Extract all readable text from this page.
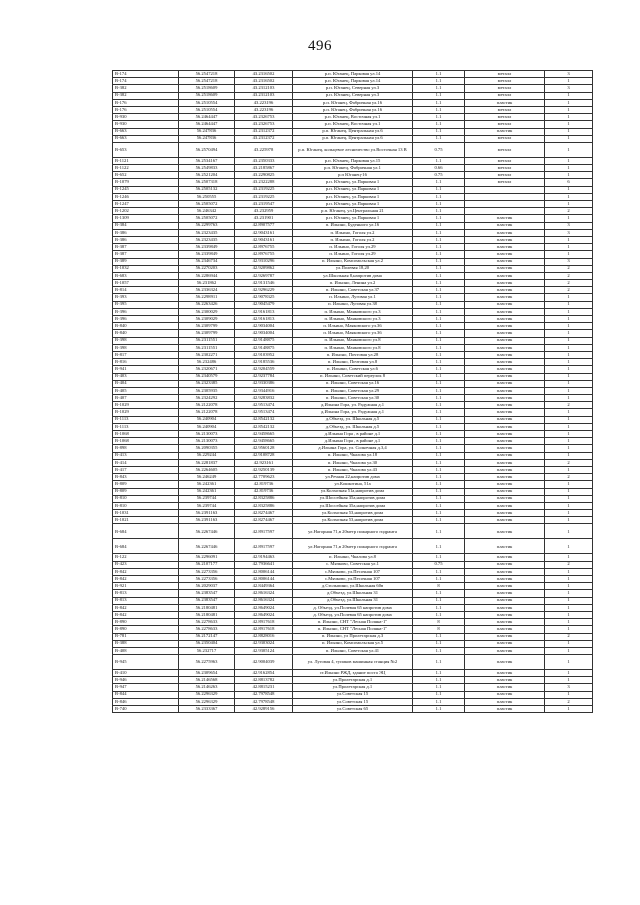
496
В-174	56.2547218	43.2316502	р.п. Юганец, Парковая ул.14	1.1	металл	3
В-174	56.2547218	43.2316502	р.п. Юганец, Парковая ул.14	1.1	металл	1
В-382	56.2518609	43.2312103	р.п. Юганец, Северная ул.3	1.1	металл	3
В-382	56.2518609	43.2312103	р.п. Юганец, Северная ул.3	1.1	металл	1
В-176	56.2510554	43.223196	р.п. Юганец, Фабричная ул.16	1.1	пластик	1
В-176	56.2510554	43.223196	р.п. Юганец, Фабричная ул.16	1.1	металл	1
В-930	56.2464447	43.2326753	р.п. Юганец, Восточная ул.1	1.1	металл	1
В-930	56.2464447	43.2326753	р.п. Юганец, Восточная ул.1	1.1	металл	1
В-663	56.247836	43.2312372	р.п. Юганец, Центральная ул.6	1.1	пластик	1
В-663	56.247836	43.2312372	р.п. Юганец, Центральная ул.6	1.1	металл	1
В-653	56.2570494	43.225978	р.п. Юганец, кольцевое лесничество ул.Восточная 13 В	0.75	металл	1
В-1121	56.2534167	43.2350333	р.п. Юганец, Парковая ул.15	1.1	металл	1
В-1122	56.2549833	43.2185867	р.п. Юганец, Фабричная ул.1	0.66	металл	1
В-652	56.2521204	43.2290825	р.п Юганец-16	0.75	металл	1
В-1079	56.2507318	43.2322288	р.п. Юганец, ул.Парковая 1	1.1	металл	6
В-1245	56.2505132	43.2319225	р.п. Юганец, ул.Парковая 1	1.1		1
В-1246	56.250555	43.2319225	р.п. Юганец, ул.Парковая 1	1.1		1
В-1247	56.2505072	43.2319547	р.п. Юганец, ул.Парковая 1	1.1		1
В-1202	56.246342	43.232959	р.п. Юганец, ул.Центральная 21	1.1		2
В-1309	56.2505072	43.231901	р.п. Юганец, ул.Парковая 1	1.1	пластик	1
В-384	56.2299763	42.8907577	п. Ильино, Буденного ул.16	1.1	пластик	3
В-386	56.2323435	42.9043161	п. Ильино, Гоголя ул.2	1.1	пластик	3
В-386	56.2323435	42.9043161	п. Ильино, Гоголя ул.2	1.1	пластик	1
В-387	56.2339849	42.8976755	п. Ильино, Гоголя ул.29	1.1	пластик	1
В-387	56.2339849	42.8976755	п. Ильино, Гоголя ул.29	1.1	пластик	1
В-389	56.2346734	42.9310296	п. Ильино, Комсомольская ул.2	1.1	пластик	3
В-1032	56.2270203	42.9209862	ул.Полевая 18,20	1.1	пластик	2
В-683	56.2286944	42.9269787	ул.Школьная 8,напротив дома	1.1	пластик	2
В-1057	56.231862	42.9131546	п. Ильино, Ленина ул.2	1.1	пластик	2
В-814	56.2336324	42.9296229	п. Ильино, Советская ул.37	1.1	пластик	2
В-393	56.2298911	42.9078325	п. Ильино, Луговая ул.1	1.1	пластик	1
В-395	56.2263426	42.9045479	п. Ильино, Луговая ул.38	1.1	пластик	1
В-396	56.2300029	42.9161813	п. Ильино, Маяковского ул.3	1.1	пластик	1
В-396	56.2309029	42.9161813	п. Ильино, Маяковского ул.3	1.1	пластик	1
В-840	56.2309799	42.9034004	п. Ильино, Маяковского ул.36	1.1	пластик	1
В-840	56.2309799	42.9034004	п. Ильино, Маяковского ул.36	1.1	пластик	1
В-398	56.2311551	42.9148875	п. Ильино, Маяковского ул.8	1.1	пластик	1
В-398	56.2311551	42.9148875	п. Ильино, Маяковского ул.8	1.1	пластик	1
В-817	56.2302271	42.9103952	п. Ильино, Почтовая ул.28	1.1	пластик	1
В-816	56.232486	42.9185536	п. Ильино, Почтовая ул.8	1.1	пластик	1
В-941	56.2320671	42.9204559	п. Ильино, Советская ул.6	1.1	пластик	1
В-403	56.2340579	42.9237784	п. Ильино, Советский переулок 8	1.1	пластик	1
В-404	56.2323385	42.9330386	п. Ильино, Советская ул.16	1.1	пластик	1
В-405	56.2305935	42.9344916	п. Ильино, Советская ул.29	1.1	пластик	1
В-407	56.2324292	42.9283832	п. Ильино, Советская ул.30	1.1	пластик	1
В-1029	56.2122078	42.9513474	д.Ильина Гора, ул. Радужная д.1	1.1	пластик	2
В-1029	56.2122078	42.9513474	д.Ильина Гора, ул. Радужная д.1	1.1	пластик	1
В-1113	56.240904	42.8542132	д.Объезд, ул. Школьная д.5	1.1	пластик	1
В-1113	56.240904	42.8542132	д.Объезд, ул. Школьная д.5	1.1	пластик	1
В-1068	56.2130073	42.9458665	д.Ильина Гора , в районе д.1	1.1	пластик	1
В-1068	56.2130073	42.9458665	д.Ильина Гора , в районе д.1	1.1	пластик	1
В-898	56.2090355	42.9560128	д.Ильина Гора, ул. Солнечная д.3,4	1.1	пластик	1
В-413	56.229244	42.9108728	п. Ильино, Чкалова ул.18	1.1	пластик	1
В-414	56.2281837	42.923161	п. Ильино, Чкалова ул.30	1.1	пластик	2
В-417	56.2264605	42.9250139	п. Ильино, Чкалова ул.43	1.1	пластик	1
В-843	56.246249	42.7709623	ул.Речная 22,напротив дома	1.1	пластик	2
В-809	56.242361	42.819736	ул.Кошкотина, 51а	1.1	пластик	1
В-809	56.242361	42.819736	ул.Колхозная 51а,напротив дома	1.1	пластик	1
В-810	56.239744	42.8325886	ул.Шоссейная 35а,напротив дома	1.1	пластик	1
В-810	56.239744	42.8325886	ул.Шоссейная 35а,напротив дома	1.1	пластик	1
В-1031	56.2391163	42.8274467	ул.Колхозная 53,напротив дома	1.1	пластик	1
В-1021	56.2391163	42.8274467	ул.Колхозная 53,напротив дома	1.1	пластик	1
В-684	56.2267446	42.8917597	ул.Нагорная 71,в 20метр пожарного гидранта	1.1	пластик	1
В-684	56.2267446	42.8917597	ул.Нагорная 71,в 20метр пожарного гидранта	1.1	пластик	1
В-122	56.2296091	42.9194463	п. Ильино, Чкалова ул.8	1.1	пластик	1
В-423	56.2107177	42.7936641	с. Мячково, Советская ул.1	0.75	пластик	2
В-842	56.2273356	42.8006144	с.Мячково, ул.Песочная 107	1.1	пластик	1
В-842	56.2273356	42.8006144	с.Мячково, ул.Песочная 107	1.1	пластик	1
В-921	56.2029037	42.8449364	д.Столыпино, ул.Школьная 60в	8	пластик	1
В-813	56.2383547	42.8616324	д.Объезд, ул.Школьная 31	1.1	пластик	1
В-813	56.2383547	42.8616324	д.Объезд, ул.Школьная 31	1.1	пластик	1
В-842	56.2180481	42.8649024	д. Объезд, ул.Полевая 65 напротив дома	1.1	пластик	1
В-842	56.2180481	42.8649024	д. Объезд, ул.Полевая 65 напротив дома	1.1	пластик	1
В-890	56.2278633	42.8917618	п. Ильино, СНТ "Лесная Поляна-1"	8	пластик	1
В-890	56.2278633	42.8917618	п. Ильино, СНТ "Лесная Поляна-1"	8	пластик	1
В-781	56.2172147	42.8828016	п. Ильино, ул Пролетарская д.3	1.1	пластик	2
В-388	56.2350404	42.9303024	п. Ильино, Комсомольская ул.5	1.1	пластик	1
В-408	56.232717	42.9305124	п. Ильино, Советская ул.41	1.1	пластик	1
В-945	56.2275963	42.9004039	ул. Луговая 4, тупиков машинная станция №2	1.1	пластик	1
В-410	56.2309654	42.9162854	ст.Ильино РЖД, здание поста ЭЦ	1.1	пластик	1
В-946	56.2146568	42.8813782	ул.Пролетарская д.1	1.1	пластик	1
В-947	56.2146263	42.8815231	ул.Пролетарская д.1	1.1	пластик	3
В-844	56.2296329	42.7978548	ул.Советская 15	1.1	пластик	1
В-846	56.2296329	42.7978548	ул.Советская 15	1.1	пластик	2
В-740	56.2333367	42.9289156	ул.Советская 65	1.1	пластик	1
